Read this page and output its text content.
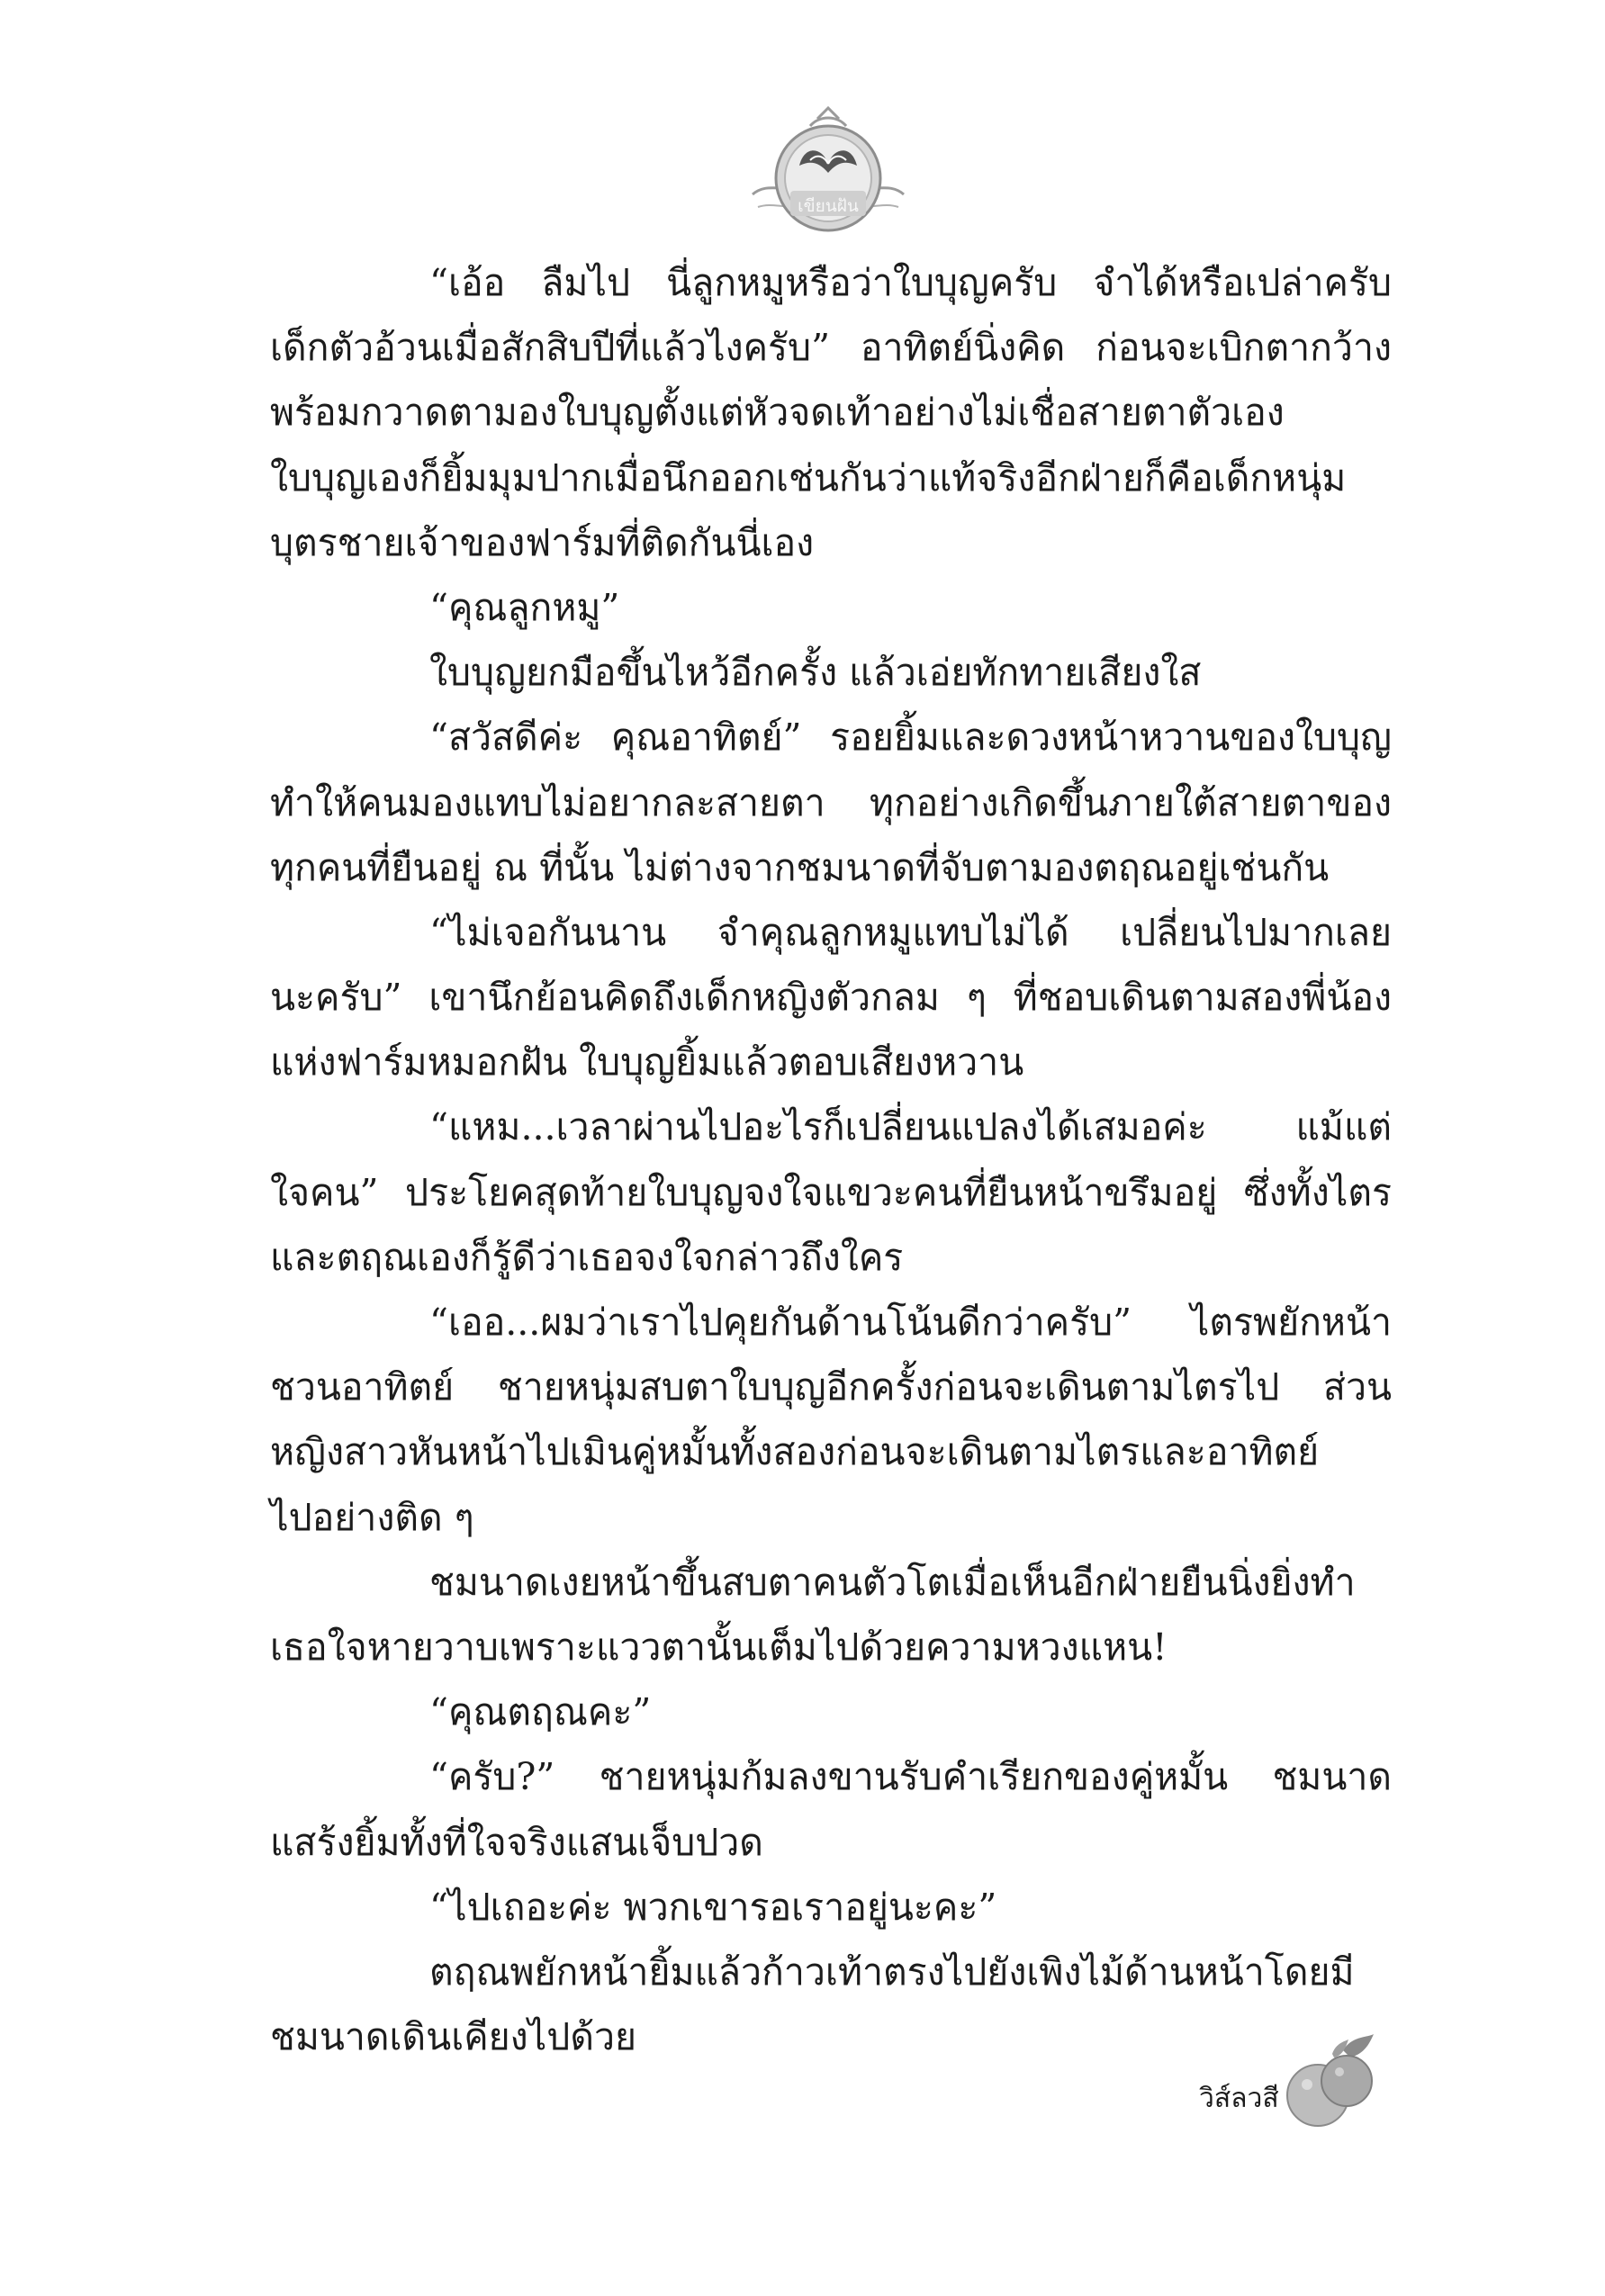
เขียนฝัน
“เอ้อ ลืมไป นี่ลูกหมูหรือว่าใบบุญครับ จำได้หรือเปล่าครับ
เด็กตัวอ้วนเมื่อสักสิบปีที่แล้วไงครับ” อาทิตย์นิ่งคิด ก่อนจะเบิกตากว้าง
พร้อมกวาดตามองใบบุญตั้งแต่หัวจดเท้าอย่างไม่เชื่อสายตาตัวเอง
ใบบุญเองก็ยิ้มมุมปากเมื่อนึกออกเช่นกันว่าแท้จริงอีกฝ่ายก็คือเด็กหนุ่ม
บุตรชายเจ้าของฟาร์มที่ติดกันนี่เอง
“คุณลูกหมู”
ใบบุญยกมือขึ้นไหว้อีกครั้ง แล้วเอ่ยทักทายเสียงใส
“สวัสดีค่ะ คุณอาทิตย์” รอยยิ้มและดวงหน้าหวานของใบบุญ
ทำให้คนมองแทบไม่อยากละสายตา ทุกอย่างเกิดขึ้นภายใต้สายตาของ
ทุกคนที่ยืนอยู่ ณ ที่นั้น ไม่ต่างจากชมนาดที่จับตามองตฤณอยู่เช่นกัน
“ไม่เจอกันนาน จำคุณลูกหมูแทบไม่ได้ เปลี่ยนไปมากเลย
นะครับ” เขานึกย้อนคิดถึงเด็กหญิงตัวกลม ๆ ที่ชอบเดินตามสองพี่น้อง
แห่งฟาร์มหมอกฝัน ใบบุญยิ้มแล้วตอบเสียงหวาน
“แหม...เวลาผ่านไปอะไรก็เปลี่ยนแปลงได้เสมอค่ะ แม้แต่
ใจคน” ประโยคสุดท้ายใบบุญจงใจแขวะคนที่ยืนหน้าขรึมอยู่ ซึ่งทั้งไตร
และตฤณเองก็รู้ดีว่าเธอจงใจกล่าวถึงใคร
“เออ...ผมว่าเราไปคุยกันด้านโน้นดีกว่าครับ” ไตรพยักหน้า
ชวนอาทิตย์ ชายหนุ่มสบตาใบบุญอีกครั้งก่อนจะเดินตามไตรไป ส่วน
หญิงสาวหันหน้าไปเมินคู่หมั้นทั้งสองก่อนจะเดินตามไตรและอาทิตย์
ไปอย่างติด ๆ
ชมนาดเงยหน้าขึ้นสบตาคนตัวโตเมื่อเห็นอีกฝ่ายยืนนิ่งยิ่งทำ
เธอใจหายวาบเพราะแววตานั้นเต็มไปด้วยความหวงแหน!
“คุณตฤณคะ”
“ครับ?” ชายหนุ่มก้มลงขานรับคำเรียกของคู่หมั้น ชมนาด
แสร้งยิ้มทั้งที่ใจจริงแสนเจ็บปวด
“ไปเถอะค่ะ พวกเขารอเราอยู่นะคะ”
ตฤณพยักหน้ายิ้มแล้วก้าวเท้าตรงไปยังเพิงไม้ด้านหน้าโดยมี
ชมนาดเดินเคียงไปด้วย
วิส์ลวสี
